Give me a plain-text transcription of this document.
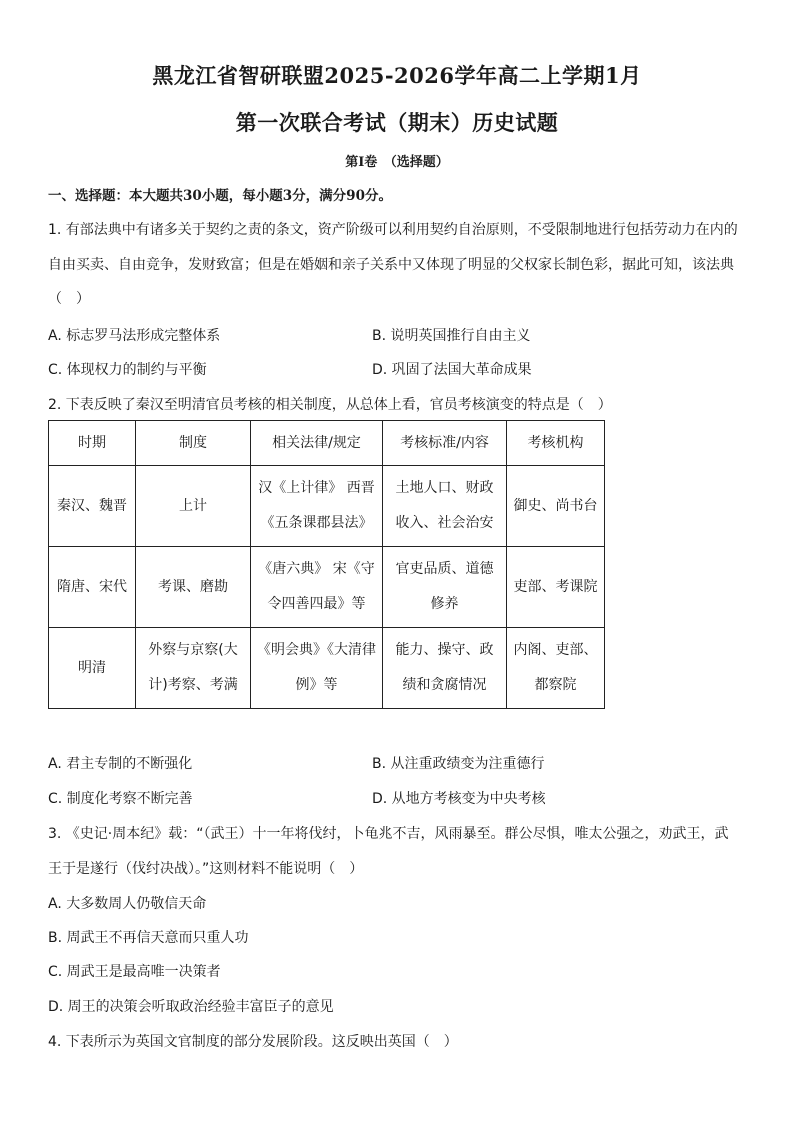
黑龙江省智研联盟2025-2026学年高二上学期1月
第一次联合考试（期末）历史试题
第I卷　（选择题）
一、选择题：本大题共30小题，每小题3分，满分90分。
1. 有部法典中有诸多关于契约之责的条文，资产阶级可以利用契约自治原则，不受限制地进行包括劳动力在内的
自由买卖、自由竞争，发财致富；但是在婚姻和亲子关系中又体现了明显的父权家长制色彩，据此可知，该法典
（　）
A. 标志罗马法形成完整体系	B. 说明英国推行自由主义
C. 体现权力的制约与平衡	D. 巩固了法国大革命成果
2. 下表反映了秦汉至明清官员考核的相关制度，从总体上看，官员考核演变的特点是（　）
时期	制度	相关法律/规定	考核标准/内容	考核机构
秦汉、魏晋	上计	汉《上计律》 西晋《五条课郡县法》	土地人口、财政收入、社会治安	御史、尚书台
隋唐、宋代	考课、磨勘	《唐六典》 宋《守令四善四最》等	官吏品质、道德修养	吏部、考课院
明清	外察与京察(大计)考察、考满	《明会典》《大清律例》等	能力、操守、政绩和贪腐情况	内阁、吏部、都察院
A. 君主专制的不断强化	B. 从注重政绩变为注重德行
C. 制度化考察不断完善	D. 从地方考核变为中央考核
3. 《史记·周本纪》载：“（武王）十一年将伐纣，卜龟兆不吉，风雨暴至。群公尽惧，唯太公强之，劝武王，武
王于是遂行（伐纣决战）。”这则材料不能说明（　）
A. 大多数周人仍敬信天命
B. 周武王不再信天意而只重人功
C. 周武王是最高唯一决策者
D. 周王的决策会听取政治经验丰富臣子的意见
4. 下表所示为英国文官制度的部分发展阶段。这反映出英国（　）
